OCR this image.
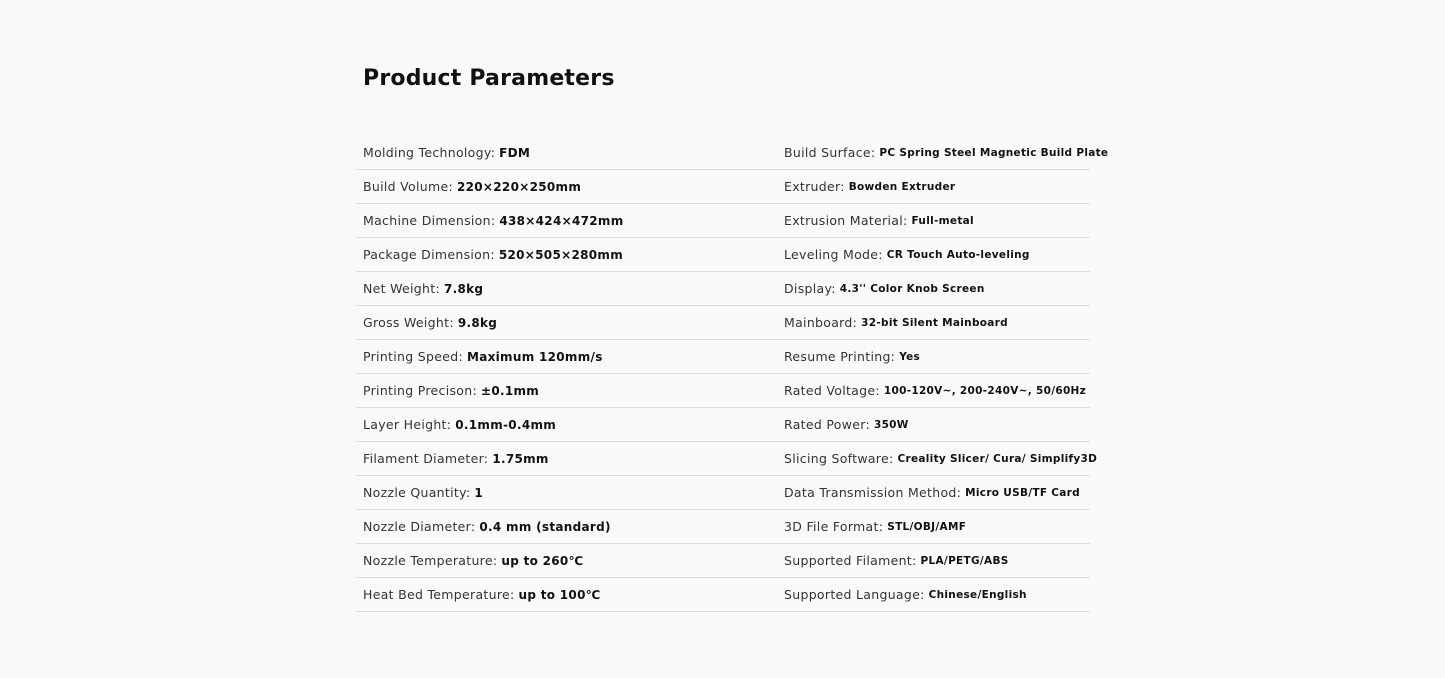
Product Parameters
Molding Technology: FDM
Build Volume: 220×220×250mm
Machine Dimension: 438×424×472mm
Package Dimension: 520×505×280mm
Net Weight: 7.8kg
Gross Weight: 9.8kg
Printing Speed: Maximum 120mm/s
Printing Precison: ±0.1mm
Layer Height: 0.1mm-0.4mm
Filament Diameter: 1.75mm
Nozzle Quantity: 1
Nozzle Diameter: 0.4 mm (standard)
Nozzle Temperature: up to 260℃
Heat Bed Temperature: up to 100℃
Build Surface: PC Spring Steel Magnetic Build Plate
Extruder: Bowden Extruder
Extrusion Material: Full-metal
Leveling Mode: CR Touch Auto-leveling
Display: 4.3'' Color Knob Screen
Mainboard: 32-bit Silent Mainboard
Resume Printing: Yes
Rated Voltage: 100-120V~, 200-240V~, 50/60Hz
Rated Power: 350W
Slicing Software: Creality Slicer/ Cura/ Simplify3D
Data Transmission Method: Micro USB/TF Card
3D File Format: STL/OBJ/AMF
Supported Filament: PLA/PETG/ABS
Supported Language: Chinese/English
